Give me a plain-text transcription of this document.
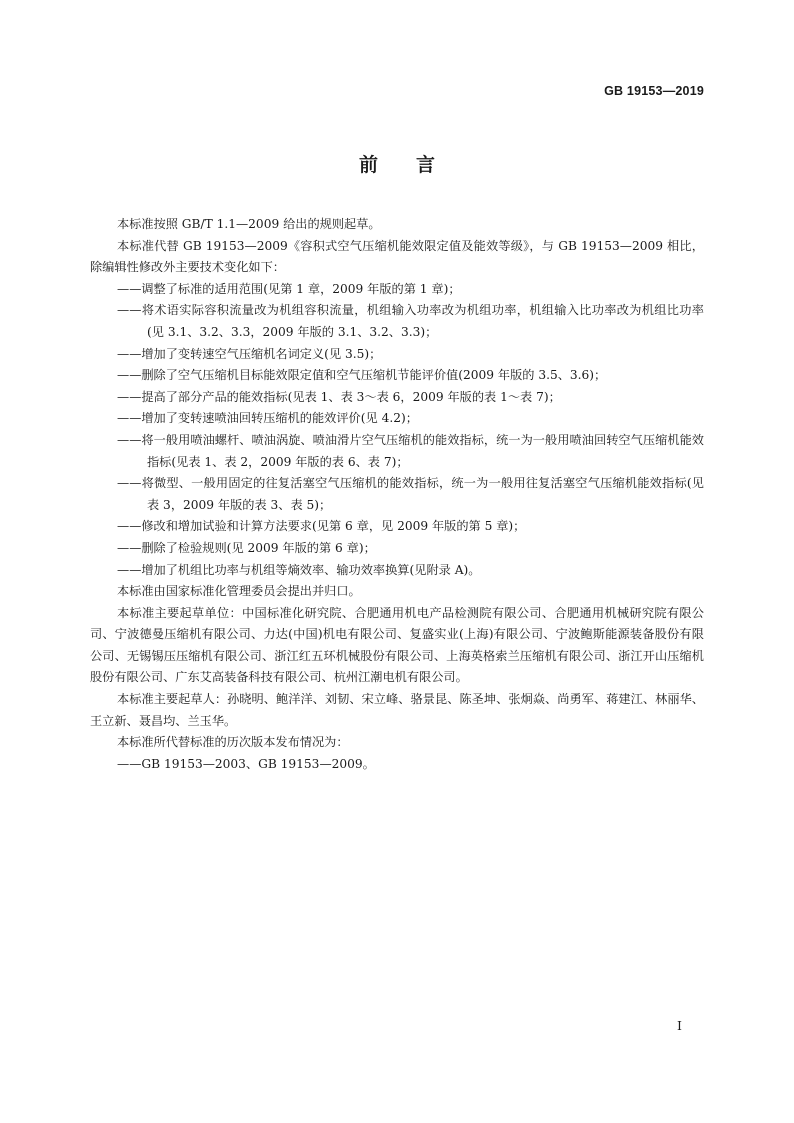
GB 19153—2019
前言
本标准按照 GB/T 1.1—2009 给出的规则起草。
本标准代替 GB 19153—2009《容积式空气压缩机能效限定值及能效等级》，与 GB 19153—2009 相比，除编辑性修改外主要技术变化如下：
——调整了标准的适用范围(见第 1 章，2009 年版的第 1 章)；
——将术语实际容积流量改为机组容积流量，机组输入功率改为机组功率，机组输入比功率改为机组比功率(见 3.1、3.2、3.3，2009 年版的 3.1、3.2、3.3)；
——增加了变转速空气压缩机名词定义(见 3.5)；
——删除了空气压缩机目标能效限定值和空气压缩机节能评价值(2009 年版的 3.5、3.6)；
——提高了部分产品的能效指标(见表 1、表 3～表 6，2009 年版的表 1～表 7)；
——增加了变转速喷油回转压缩机的能效评价(见 4.2)；
——将一般用喷油螺杆、喷油涡旋、喷油滑片空气压缩机的能效指标，统一为一般用喷油回转空气压缩机能效指标(见表 1、表 2，2009 年版的表 6、表 7)；
——将微型、一般用固定的往复活塞空气压缩机的能效指标，统一为一般用往复活塞空气压缩机能效指标(见表 3，2009 年版的表 3、表 5)；
——修改和增加试验和计算方法要求(见第 6 章，见 2009 年版的第 5 章)；
——删除了检验规则(见 2009 年版的第 6 章)；
——增加了机组比功率与机组等熵效率、输功效率换算(见附录 A)。
本标准由国家标准化管理委员会提出并归口。
本标准主要起草单位：中国标准化研究院、合肥通用机电产品检测院有限公司、合肥通用机械研究院有限公司、宁波德曼压缩机有限公司、力达(中国)机电有限公司、复盛实业(上海)有限公司、宁波鲍斯能源装备股份有限公司、无锡锡压压缩机有限公司、浙江红五环机械股份有限公司、上海英格索兰压缩机有限公司、浙江开山压缩机股份有限公司、广东艾高装备科技有限公司、杭州江潮电机有限公司。
本标准主要起草人：孙晓明、鲍洋洋、刘韧、宋立峰、骆景昆、陈圣坤、张炯焱、尚勇军、蒋建江、林丽华、王立新、聂昌均、兰玉华。
本标准所代替标准的历次版本发布情况为：
——GB 19153—2003、GB 19153—2009。
I
